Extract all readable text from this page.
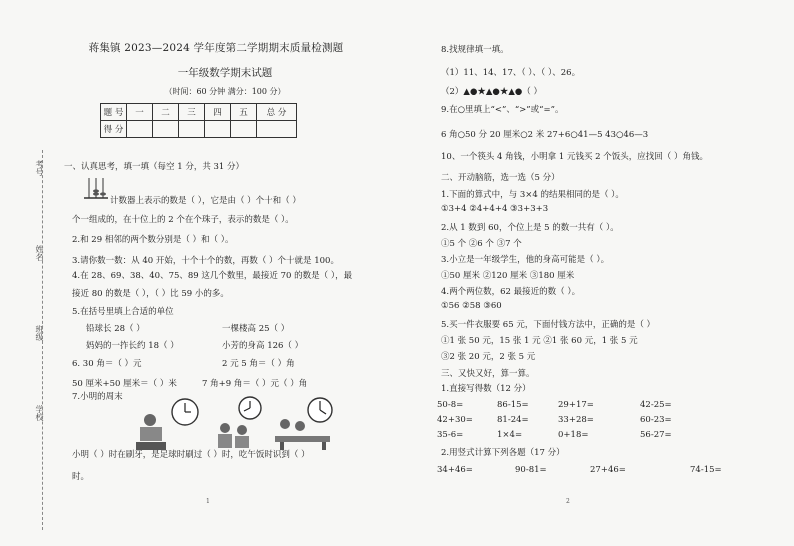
考号
姓名
班级
学校
蒋集镇 2023—2024 学年度第二学期期末质量检测题
一年级数学期末试题
（时间：60 分钟 满分：100 分）
题 号	一	二	三	四	五	总 分
得 分						
一、认真思考，填一填（每空 1 分，共 31 分）
计数器上表示的数是（ ），它是由（ ）个十和（ ）
个一组成的，在十位上的 2 个在个珠子，表示的数是（ ）。
2.和 29 相邻的两个数分别是（ ）和（ ）。
3.请你数一数：从 40 开始，十个十个的数，再数（ ）个十就是 100。
4.在 28、69、38、40、75、89 这几个数里，最接近 70 的数是（ ），最
接近 80 的数是（ ），（ ）比 59 小的多。
5.在括号里填上合适的单位
铅球长 28（ ）	一棵楼高 25（ ）
妈妈的一拃长约 18（ ）	小芳的身高 126（ ）
6. 30 角＝（ ）元	2 元 5 角＝（ ）角
50 厘米+50 厘米＝（ ）米	7 角+9 角＝（ ）元（ ）角
7.小明的周末
小明（ ）时在刷牙，是足球时刷过（ ）时，吃午饭时识到（ ）
时。
1
8.找规律填一填。
（1）11、14、17、（ ）、（ ）、26。
（2）▲●★▲●★▲●（ ）
9.在○里填上“<”、“>”或“=”。
6 角○50 分 20 厘米○2 米 27+6○41—5 43○46—3
10、一个筷头 4 角钱，小明拿 1 元钱买 2 个饭头，应找回（ ）角钱。
二、开动脑筋，选一选（5 分）
1.下面的算式中，与 3×4 的结果相同的是（ ）。
①3+4 ②4+4+4 ③3+3+3
2.从 1 数到 60，个位上是 5 的数一共有（ ）。
①5 个 ②6 个 ③7 个
3.小立是一年级学生，他的身高可能是（ ）。
①50 厘米 ②120 厘米 ③180 厘米
4.两个两位数，62 最接近的数（ ）。
①56 ②58 ③60
5.买一件衣服要 65 元，下面付钱方法中，正确的是（ ）
①1 张 50 元，15 张 1 元 ②1 张 60 元，1 张 5 元
③2 张 20 元，2 张 5 元
三、又快又好，算一算。
1.直接写得数（12 分）
50-8=	86-15=	29+17=	42-25=
42+30=	81-24=	33+28=	60-23=
35-6=	1×4=	0+18=	56-27=
2.用竖式计算下列各题（17 分）
34+46=	90-81=	27+46=	74-15=
2
